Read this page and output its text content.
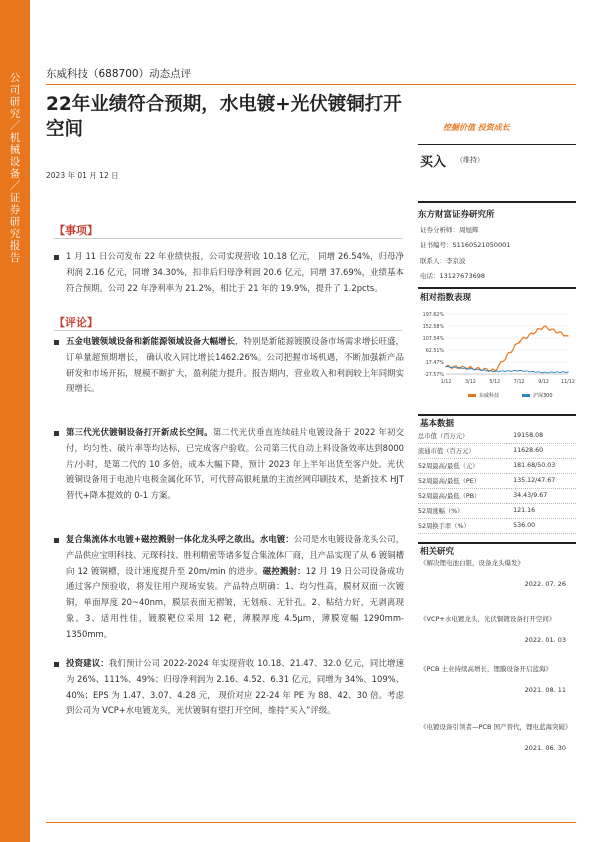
公司研究／机械设备／证券研究报告
东威科技（688700）动态点评
22年业绩符合预期，水电镀+光伏镀铜打开空间
2023 年 01 月 12 日
挖掘价值 投资成长
买入 （维持）
东方财富证券研究所
证券分析师：周旭辉
证书编号：S1160521050001
联系人：李京波
电话：13127673698
相对指数表现
197.62%
152.58%
107.54%
62.51%
17.47%
-27.57%
1/12	3/12	5/12	7/12	9/12	11/12
东威科技	沪深300
基本数据
总市值（百万元）	19158.08
流通市值（百万元）	11628.60
52周最高/最低（元）	181.68/50.03
52周最高/最低（PE）	135.12/47.67
52周最高/最低（PB）	34.43/9.67
52周涨幅（%）	121.16
52周换手率（%）	536.00
相关研究
《解决锂电池白银，设备龙头爆发》
2022. 07. 26
《VCP+水电镀龙头，光伏铜镀设备打开空间》
2022. 01. 03
《PCB 土业持续高增长，锂膜设备开启蓝海》
2021. 08. 11
《电镀设备引领者—PCB 国产替代，锂电蓝海突破》
2021. 06. 30
【事项】
1 月 11 日公司发布 22 年业绩快报，公司实现营收 10.18 亿元， 同增 26.54%，归母净利润 2.16 亿元，同增 34.30%，扣非后归母净利润 20.6 亿元，同增 37.69%，业绩基本符合预期。公司 22 年净利率为 21.2%，相比于 21 年的 19.9%，提升了 1.2pcts。
【评论】
五金电镀领域设备和新能源领域设备大幅增长，特别是新能源镀膜设备市场需求增长旺盛，订单量超预期增长， 确认收入同比增长1462.26%。公司把握市场机遇，不断加强新产品研发和市场开拓，规模不断扩大，盈利能力提升。报告期内，营业收入和利润较上年同期实现增长。
第三代光伏镀铜设备打开新成长空间。第二代光伏垂直连续硅片电镀设备于 2022 年初交付，均匀性、破片率等均达标，已完成客户验收。公司第三代自动上料设备效率达到8000 片/小时，是第二代的 10 多倍，成本大幅下降，预计 2023 年上半年出货至客户处。光伏镀铜设备用于电池片电极金属化环节，可代替高银耗量的主流丝网印刷技术，是新技术 HJT 替代+降本提效的 0-1 方案。
复合集流体水电镀+磁控溅射一体化龙头呼之欲出。水电镀：公司是水电镀设备龙头公司，产品供应宝明科技、元琛科技、胜利精密等诸多复合集流体厂商，且产品实现了从 6 镀铜槽向 12 镀铜槽，设计速度提升至 20m/min 的进步。磁控溅射：12 月 19 日公司设备成功通过客户预验收，将发往用户现场安装。产品特点明确：1、均匀性高，膜材双面一次镀铜，单面厚度 20~40nm，膜层表面无褶皱，无划痕、无针孔。2、粘结力好，无剥离现象。3、适用性佳，镀膜靶位采用 12 靶，薄膜厚度 4.5μm，薄膜宽幅 1290mm-1350mm。
投资建议：我们预计公司 2022-2024 年实现营收 10.18、21.47、32.0 亿元，同比增速为 26%、111%、49%；归母净利润为 2.16、4.52、6.31 亿元，同增为 34%、109%、40%；EPS 为 1.47、3.07、4.28 元， 现价对应 22-24 年 PE 为 88、42、30 倍。考虑到公司为 VCP+水电镀龙头，光伏镀铜有望打开空间，维持“买入”评级。
